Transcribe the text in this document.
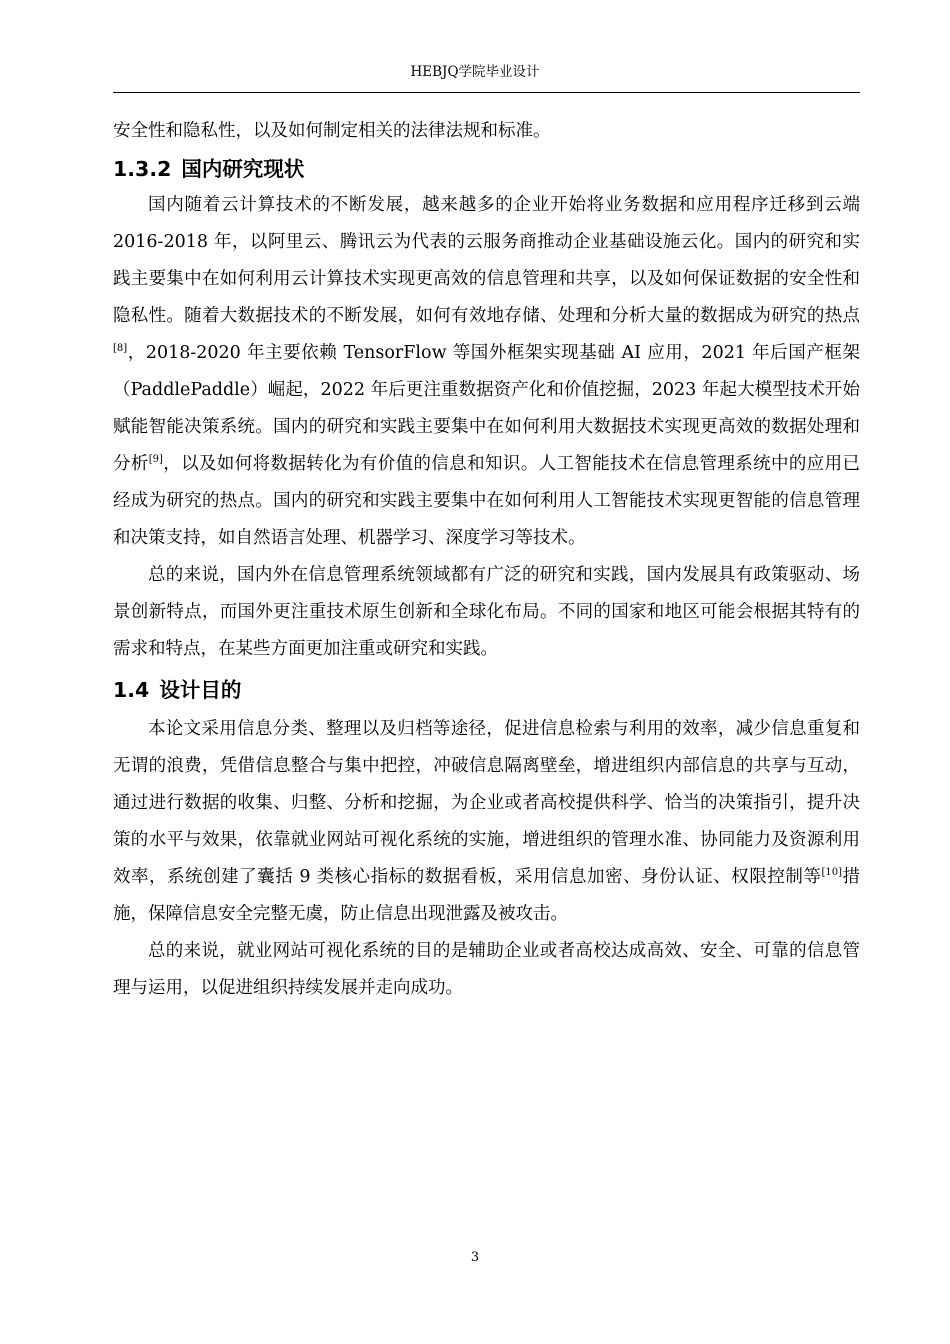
HEBJQ学院毕业设计

安全性和隐私性，以及如何制定相关的法律法规和标准。

1.3.2 国内研究现状

国内随着云计算技术的不断发展，越来越多的企业开始将业务数据和应用程序迁移到云端 2016-2018 年，以阿里云、腾讯云为代表的云服务商推动企业基础设施云化。国内的研究和实践主要集中在如何利用云计算技术实现更高效的信息管理和共享，以及如何保证数据的安全性和隐私性。随着大数据技术的不断发展，如何有效地存储、处理和分析大量的数据成为研究的热点[8]，2018-2020 年主要依赖 TensorFlow 等国外框架实现基础 AI 应用，2021 年后国产框架（PaddlePaddle）崛起，2022 年后更注重数据资产化和价值挖掘，2023 年起大模型技术开始赋能智能决策系统。国内的研究和实践主要集中在如何利用大数据技术实现更高效的数据处理和分析[9]，以及如何将数据转化为有价值的信息和知识。人工智能技术在信息管理系统中的应用已经成为研究的热点。国内的研究和实践主要集中在如何利用人工智能技术实现更智能的信息管理和决策支持，如自然语言处理、机器学习、深度学习等技术。

总的来说，国内外在信息管理系统领域都有广泛的研究和实践，国内发展具有政策驱动、场景创新特点，而国外更注重技术原生创新和全球化布局。不同的国家和地区可能会根据其特有的需求和特点，在某些方面更加注重或研究和实践。

1.4 设计目的

本论文采用信息分类、整理以及归档等途径，促进信息检索与利用的效率，减少信息重复和无谓的浪费，凭借信息整合与集中把控，冲破信息隔离壁垒，增进组织内部信息的共享与互动，通过进行数据的收集、归整、分析和挖掘，为企业或者高校提供科学、恰当的决策指引，提升决策的水平与效果，依靠就业网站可视化系统的实施，增进组织的管理水准、协同能力及资源利用效率，系统创建了囊括 9 类核心指标的数据看板，采用信息加密、身份认证、权限控制等[10]措施，保障信息安全完整无虞，防止信息出现泄露及被攻击。

总的来说，就业网站可视化系统的目的是辅助企业或者高校达成高效、安全、可靠的信息管理与运用，以促进组织持续发展并走向成功。

3
